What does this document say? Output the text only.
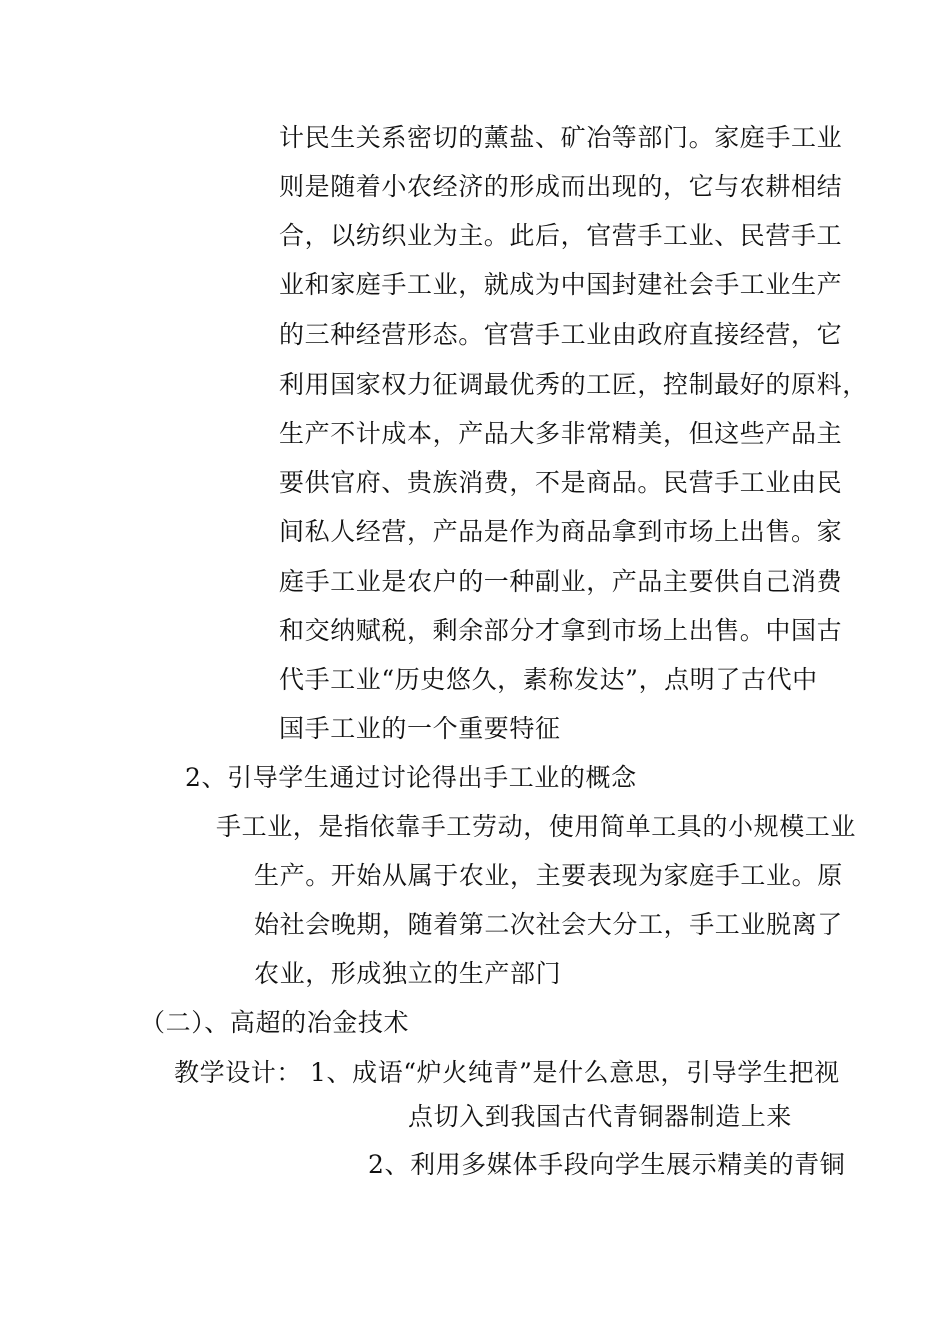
计民生关系密切的薰盐、矿冶等部门。家庭手工业
则是随着小农经济的形成而出现的，它与农耕相结
合，以纺织业为主。此后，官营手工业、民营手工
业和家庭手工业，就成为中国封建社会手工业生产
的三种经营形态。官营手工业由政府直接经营，它
利用国家权力征调最优秀的工匠，控制最好的原料，
生产不计成本，产品大多非常精美，但这些产品主
要供官府、贵族消费，不是商品。民营手工业由民
间私人经营，产品是作为商品拿到市场上出售。家
庭手工业是农户的一种副业，产品主要供自己消费
和交纳赋税，剩余部分才拿到市场上出售。中国古
代手工业“历史悠久，素称发达”，点明了古代中
国手工业的一个重要特征
2、引导学生通过讨论得出手工业的概念
手工业，是指依靠手工劳动，使用简单工具的小规模工业
生产。开始从属于农业，主要表现为家庭手工业。原
始社会晚期，随着第二次社会大分工，手工业脱离了
农业，形成独立的生产部门
（二）、高超的冶金技术
教学设计： 1、成语“炉火纯青”是什么意思，引导学生把视
点切入到我国古代青铜器制造上来
2、利用多媒体手段向学生展示精美的青铜
